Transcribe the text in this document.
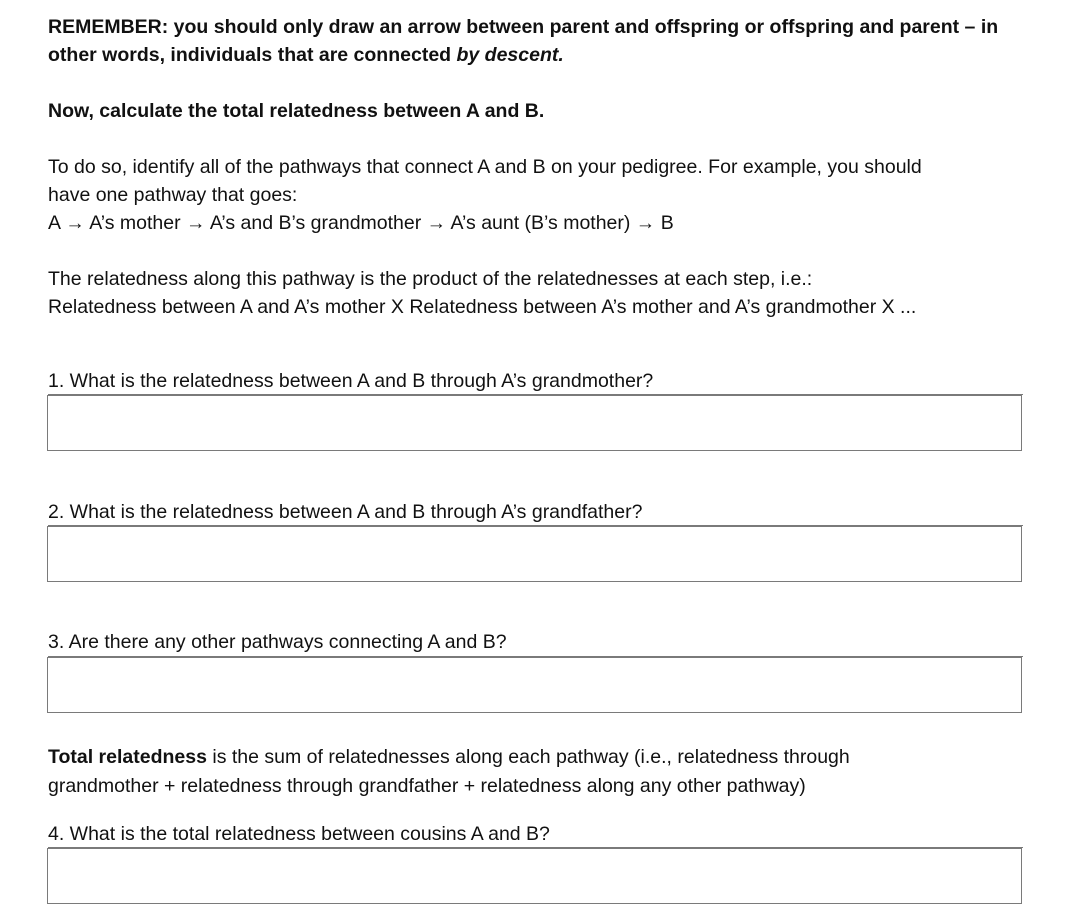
REMEMBER: you should only draw an arrow between parent and offspring or offspring and parent – in
other words, individuals that are connected by descent.
Now, calculate the total relatedness between A and B.
To do so, identify all of the pathways that connect A and B on your pedigree. For example, you should
have one pathway that goes:
A → A’s mother → A’s and B’s grandmother → A’s aunt (B’s mother) → B
The relatedness along this pathway is the product of the relatednesses at each step, i.e.:
Relatedness between A and A’s mother X Relatedness between A’s mother and A’s grandmother X ...
1. What is the relatedness between A and B through A’s grandmother?
2. What is the relatedness between A and B through A’s grandfather?
3. Are there any other pathways connecting A and B?
Total relatedness is the sum of relatednesses along each pathway (i.e., relatedness through
grandmother + relatedness through grandfather + relatedness along any other pathway)
4. What is the total relatedness between cousins A and B?
